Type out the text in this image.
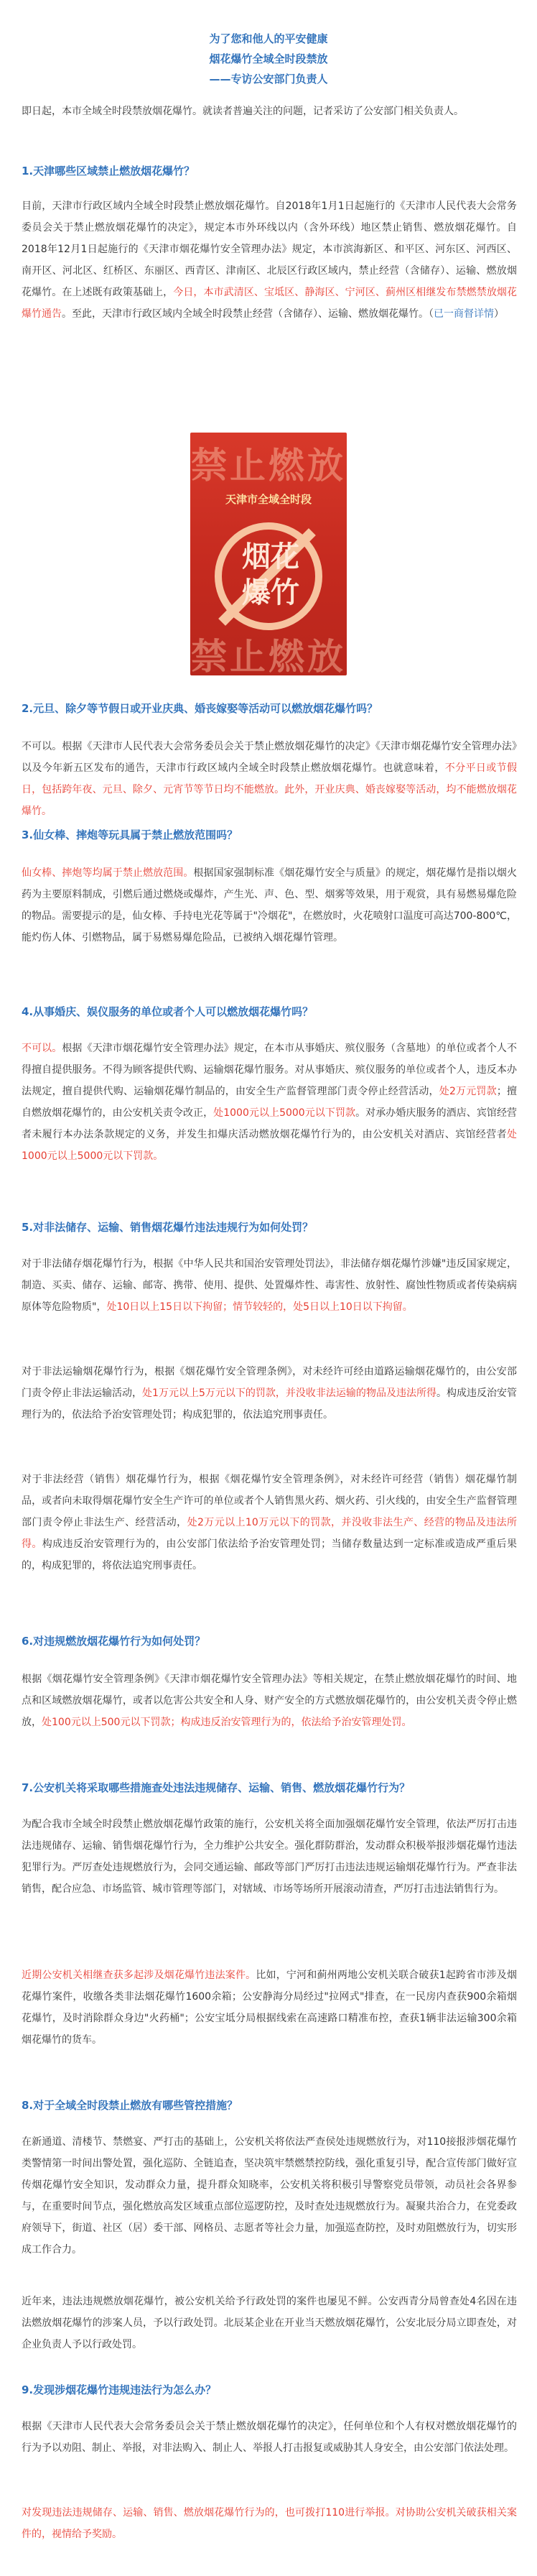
为了您和他人的平安健康
烟花爆竹全域全时段禁放
——专访公安部门负责人
即日起，本市全域全时段禁放烟花爆竹。就读者普遍关注的问题，记者采访了公安部门相关负责人。
1.天津哪些区域禁止燃放烟花爆竹？
目前，天津市行政区域内全域全时段禁止燃放烟花爆竹。自2018年1月1日起施行的《天津市人民代表大会常务委员会关于禁止燃放烟花爆竹的决定》，规定本市外环线以内（含外环线）地区禁止销售、燃放烟花爆竹。自2018年12月1日起施行的《天津市烟花爆竹安全管理办法》规定，本市滨海新区、和平区、河东区、河西区、南开区、河北区、红桥区、东丽区、西青区、津南区、北辰区行政区域内，禁止经营（含储存）、运输、燃放烟花爆竹。在上述既有政策基础上，今日，本市武清区、宝坻区、静海区、宁河区、蓟州区相继发布禁燃禁放烟花爆竹通告。至此，天津市行政区域内全域全时段禁止经营（含储存）、运输、燃放烟花爆竹。（已一商督详情）
禁止燃放
天津市全域全时段
烟花
爆竹
禁止燃放
2.元旦、除夕等节假日或开业庆典、婚丧嫁娶等活动可以燃放烟花爆竹吗？
不可以。根据《天津市人民代表大会常务委员会关于禁止燃放烟花爆竹的决定》《天津市烟花爆竹安全管理办法》以及今年新五区发布的通告，天津市行政区域内全域全时段禁止燃放烟花爆竹。也就意味着，不分平日或节假日，包括跨年夜、元旦、除夕、元宵节等节日均不能燃放。此外，开业庆典、婚丧嫁娶等活动，均不能燃放烟花爆竹。
3.仙女棒、摔炮等玩具属于禁止燃放范围吗？
仙女棒、摔炮等均属于禁止燃放范围。根据国家强制标准《烟花爆竹安全与质量》的规定，烟花爆竹是指以烟火药为主要原料制成，引燃后通过燃烧或爆炸，产生光、声、色、型、烟雾等效果，用于观赏，具有易燃易爆危险的物品。需要提示的是，仙女棒、手持电光花等属于"冷烟花"，在燃放时，火花喷射口温度可高达700-800℃，能灼伤人体、引燃物品，属于易燃易爆危险品，已被纳入烟花爆竹管理。
4.从事婚庆、娱仪服务的单位或者个人可以燃放烟花爆竹吗？
不可以。根据《天津市烟花爆竹安全管理办法》规定，在本市从事婚庆、殡仪服务（含墓地）的单位或者个人不得擅自提供服务。不得为顾客提供代购、运输烟花爆竹服务。对从事婚庆、殡仪服务的单位或者个人，违反本办法规定，擅自提供代购、运输烟花爆竹制品的，由安全生产监督管理部门责令停止经营活动，处2万元罚款；擅自燃放烟花爆竹的，由公安机关责令改正，处1000元以上5000元以下罚款。对承办婚庆服务的酒店、宾馆经营者未履行本办法条款规定的义务，并发生扣爆庆活动燃放烟花爆竹行为的，由公安机关对酒店、宾馆经营者处1000元以上5000元以下罚款。
5.对非法储存、运输、销售烟花爆竹违法违规行为如何处罚？
对于非法储存烟花爆竹行为，根据《中华人民共和国治安管理处罚法》，非法储存烟花爆竹涉嫌"违反国家规定，制造、买卖、储存、运输、邮寄、携带、使用、提供、处置爆炸性、毒害性、放射性、腐蚀性物质或者传染病病原体等危险物质"，处10日以上15日以下拘留；情节较轻的，处5日以上10日以下拘留。
对于非法运输烟花爆竹行为，根据《烟花爆竹安全管理条例》，对未经许可经由道路运输烟花爆竹的，由公安部门责令停止非法运输活动，处1万元以上5万元以下的罚款，并没收非法运输的物品及违法所得。构成违反治安管理行为的，依法给予治安管理处罚；构成犯罪的，依法追究刑事责任。
对于非法经营（销售）烟花爆竹行为，根据《烟花爆竹安全管理条例》，对未经许可经营（销售）烟花爆竹制品，或者向未取得烟花爆竹安全生产许可的单位或者个人销售黑火药、烟火药、引火线的，由安全生产监督管理部门责令停止非法生产、经营活动，处2万元以上10万元以下的罚款，并没收非法生产、经营的物品及违法所得。构成违反治安管理行为的，由公安部门依法给予治安管理处罚；当储存数量达到一定标准或造成严重后果的，构成犯罪的，将依法追究刑事责任。
6.对违规燃放烟花爆竹行为如何处罚？
根据《烟花爆竹安全管理条例》《天津市烟花爆竹安全管理办法》等相关规定，在禁止燃放烟花爆竹的时间、地点和区域燃放烟花爆竹，或者以危害公共安全和人身、财产安全的方式燃放烟花爆竹的，由公安机关责令停止燃放，处100元以上500元以下罚款；构成违反治安管理行为的，依法给予治安管理处罚。
7.公安机关将采取哪些措施查处违法违规储存、运输、销售、燃放烟花爆竹行为？
为配合我市全域全时段禁止燃放烟花爆竹政策的施行，公安机关将全面加强烟花爆竹安全管理，依法严厉打击违法违规储存、运输、销售烟花爆竹行为，全力维护公共安全。强化群防群治，发动群众积极举报涉烟花爆竹违法犯罪行为。严厉查处违规燃放行为，会同交通运输、邮政等部门严厉打击违法违规运输烟花爆竹行为。严查非法销售，配合应急、市场监管、城市管理等部门，对辖域、市场等场所开展滚动清查，严厉打击违法销售行为。
近期公安机关相继查获多起涉及烟花爆竹违法案件。比如，宁河和蓟州两地公安机关联合破获1起跨省市涉及烟花爆竹案件，收缴各类非法烟花爆竹1600余箱；公安静海分局经过"拉网式"排查，在一民房内查获900余箱烟花爆竹，及时消除群众身边"火药桶"；公安宝坻分局根据线索在高速路口精准布控，查获1辆非法运输300余箱烟花爆竹的货车。
8.对于全域全时段禁止燃放有哪些管控措施？
在新通道、清楼节、禁燃宴、严打击的基础上，公安机关将依法严查侯处违规燃放行为，对110接报涉烟花爆竹类警情第一时间出警处置，强化巡防、全链追查，坚决筑牢禁燃禁控防线，强化重复引导，配合宣传部门做好宣传烟花爆竹安全知识，发动群众力量，提升群众知晓率，公安机关将积极引导警察党员带领，动员社会各界参与，在重要时间节点，强化燃放高发区域重点部位巡逻防控，及时查处违规燃放行为。凝聚共治合力，在党委政府领导下，街道、社区（居）委干部、网格员、志愿者等社会力量，加强巡查防控，及时劝阻燃放行为，切实形成工作合力。
近年来，违法违规燃放烟花爆竹，被公安机关给予行政处罚的案件也屡见不鲜。公安西青分局曾查处4名因在违法燃放烟花爆竹的涉案人员，予以行政处罚。北辰某企业在开业当天燃放烟花爆竹，公安北辰分局立即查处，对企业负责人予以行政处罚。
9.发现涉烟花爆竹违规违法行为怎么办？
根据《天津市人民代表大会常务委员会关于禁止燃放烟花爆竹的决定》，任何单位和个人有权对燃放烟花爆竹的行为予以劝阻、制止、举报，对非法购入、制止人、举报人打击报复或威胁其人身安全，由公安部门依法处理。
对发现违法违规储存、运输、销售、燃放烟花爆竹行为的，也可拨打110进行举报。对协助公安机关破获相关案件的，视情给予奖励。
